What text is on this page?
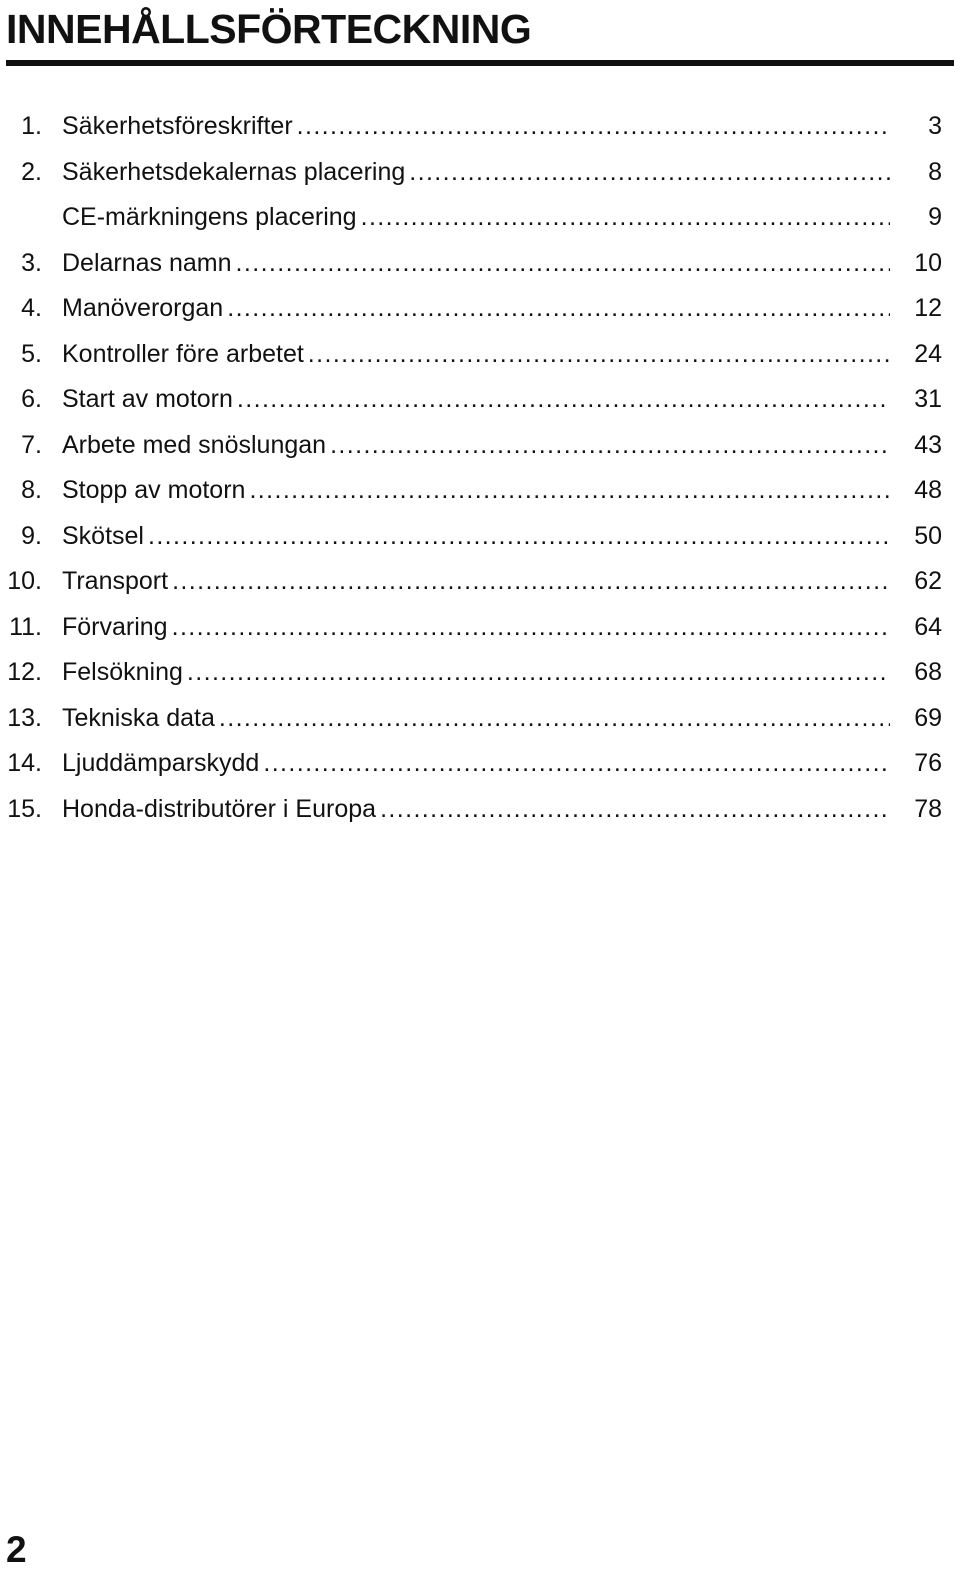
INNEHÅLLSFÖRTECKNING
1. Säkerhetsföreskrifter .....	3
2. Säkerhetsdekalernas placering .....	8
CE-märkningens placering .....	9
3. Delarnas namn .....	10
4. Manöverorgan .....	12
5. Kontroller före arbetet .....	24
6. Start av motorn .....	31
7. Arbete med snöslungan .....	43
8. Stopp av motorn .....	48
9. Skötsel .....	50
10. Transport .....	62
11. Förvaring .....	64
12. Felsökning .....	68
13. Tekniska data .....	69
14. Ljuddämparskydd .....	76
15. Honda-distributörer i Europa .....	78
2
